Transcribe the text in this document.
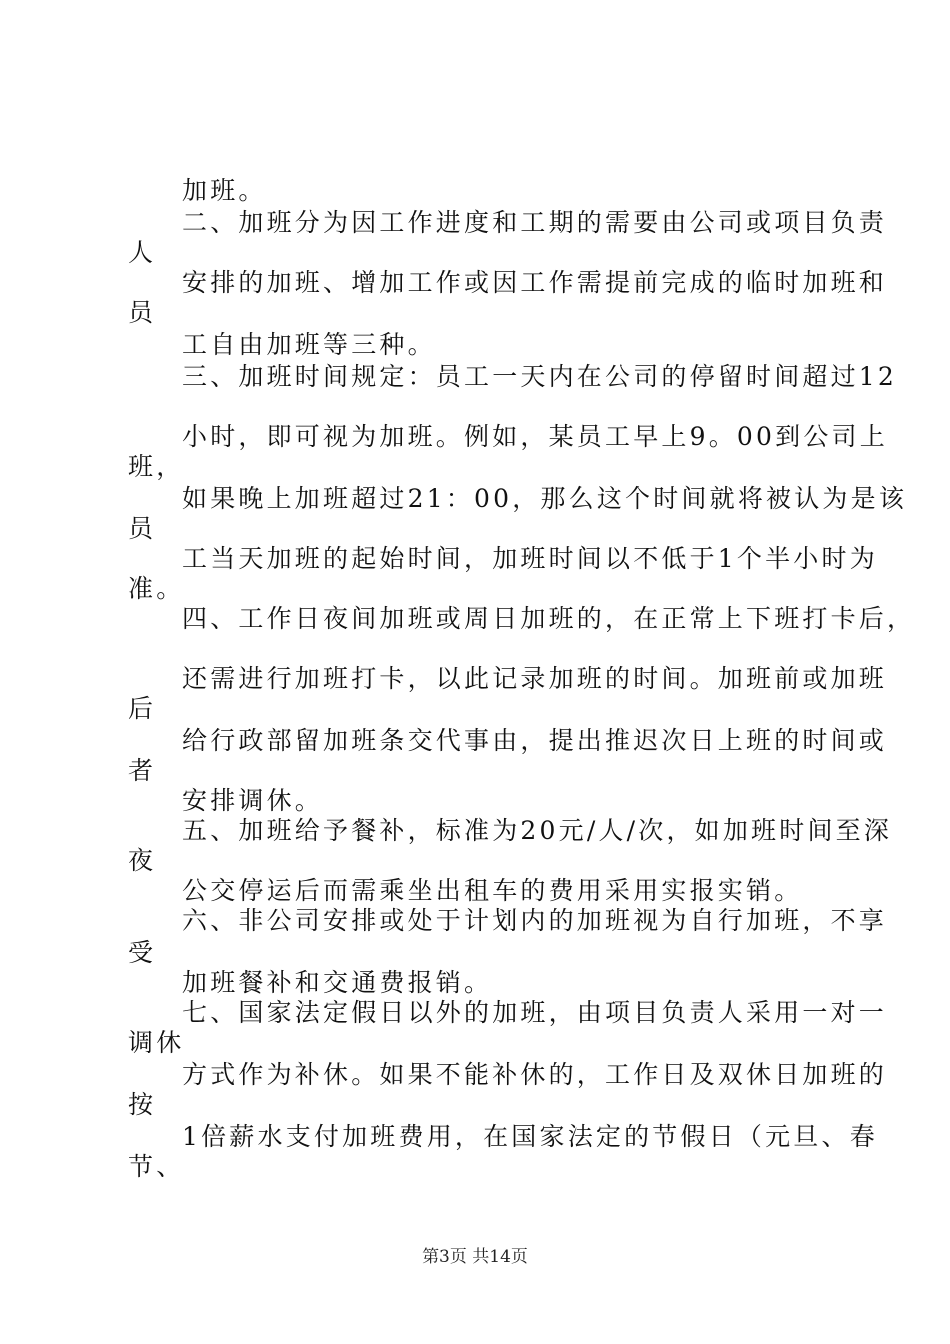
加班。
二、加班分为因工作进度和工期的需要由公司或项目负责
人
安排的加班、增加工作或因工作需提前完成的临时加班和
员
工自由加班等三种。
三、加班时间规定：员工一天内在公司的停留时间超过12
小时，即可视为加班。例如，某员工早上9。00到公司上
班，
如果晚上加班超过21：00，那么这个时间就将被认为是该
员
工当天加班的起始时间，加班时间以不低于1个半小时为
准。
四、工作日夜间加班或周日加班的，在正常上下班打卡后，
还需进行加班打卡，以此记录加班的时间。加班前或加班
后
给行政部留加班条交代事由，提出推迟次日上班的时间或
者
安排调休。
五、加班给予餐补，标准为20元/人/次，如加班时间至深
夜
公交停运后而需乘坐出租车的费用采用实报实销。
六、非公司安排或处于计划内的加班视为自行加班，不享
受
加班餐补和交通费报销。
七、国家法定假日以外的加班，由项目负责人采用一对一
调休
方式作为补休。如果不能补休的，工作日及双休日加班的
按
1倍薪水支付加班费用，在国家法定的节假日（元旦、春
节、
第3页 共14页
